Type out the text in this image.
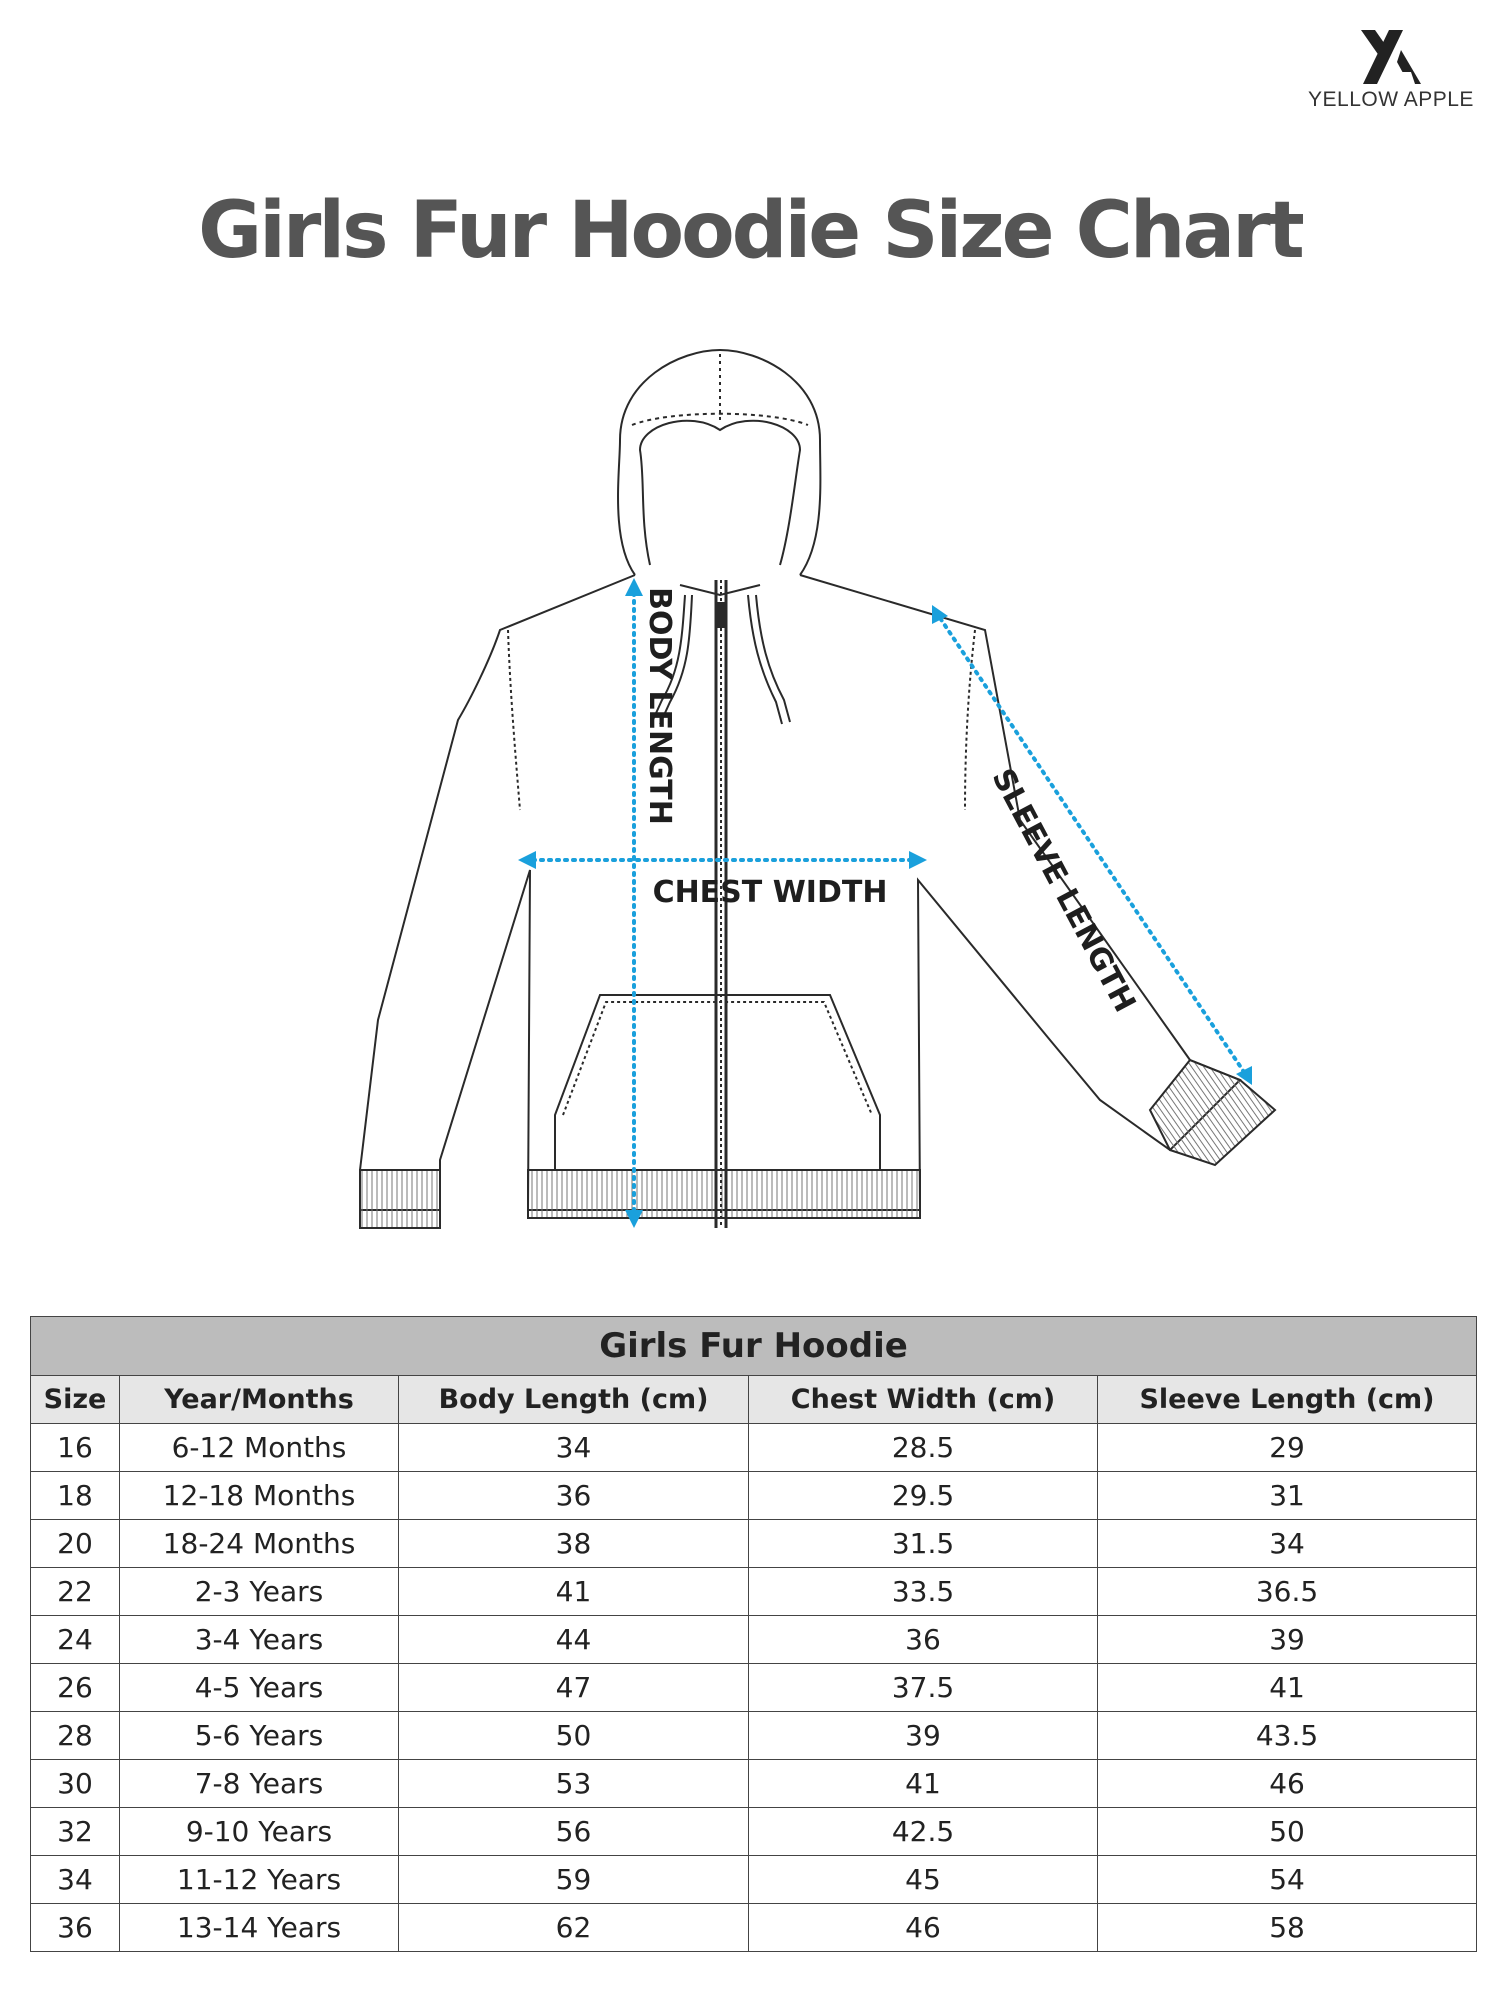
YELLOW APPLE
Girls Fur Hoodie Size Chart
BODY LENGTH
CHEST WIDTH	SLEEVE LENGTH
Girls Fur Hoodie				
Size	Year/Months	Body Length (cm)	Chest Width (cm)	Sleeve Length (cm)
16	6-12 Months	34	28.5	29
18	12-18 Months	36	29.5	31
20	18-24 Months	38	31.5	34
22	2-3 Years	41	33.5	36.5
24	3-4 Years	44	36	39
26	4-5 Years	47	37.5	41
28	5-6 Years	50	39	43.5
30	7-8 Years	53	41	46
32	9-10 Years	56	42.5	50
34	11-12 Years	59	45	54
36	13-14 Years	62	46	58
